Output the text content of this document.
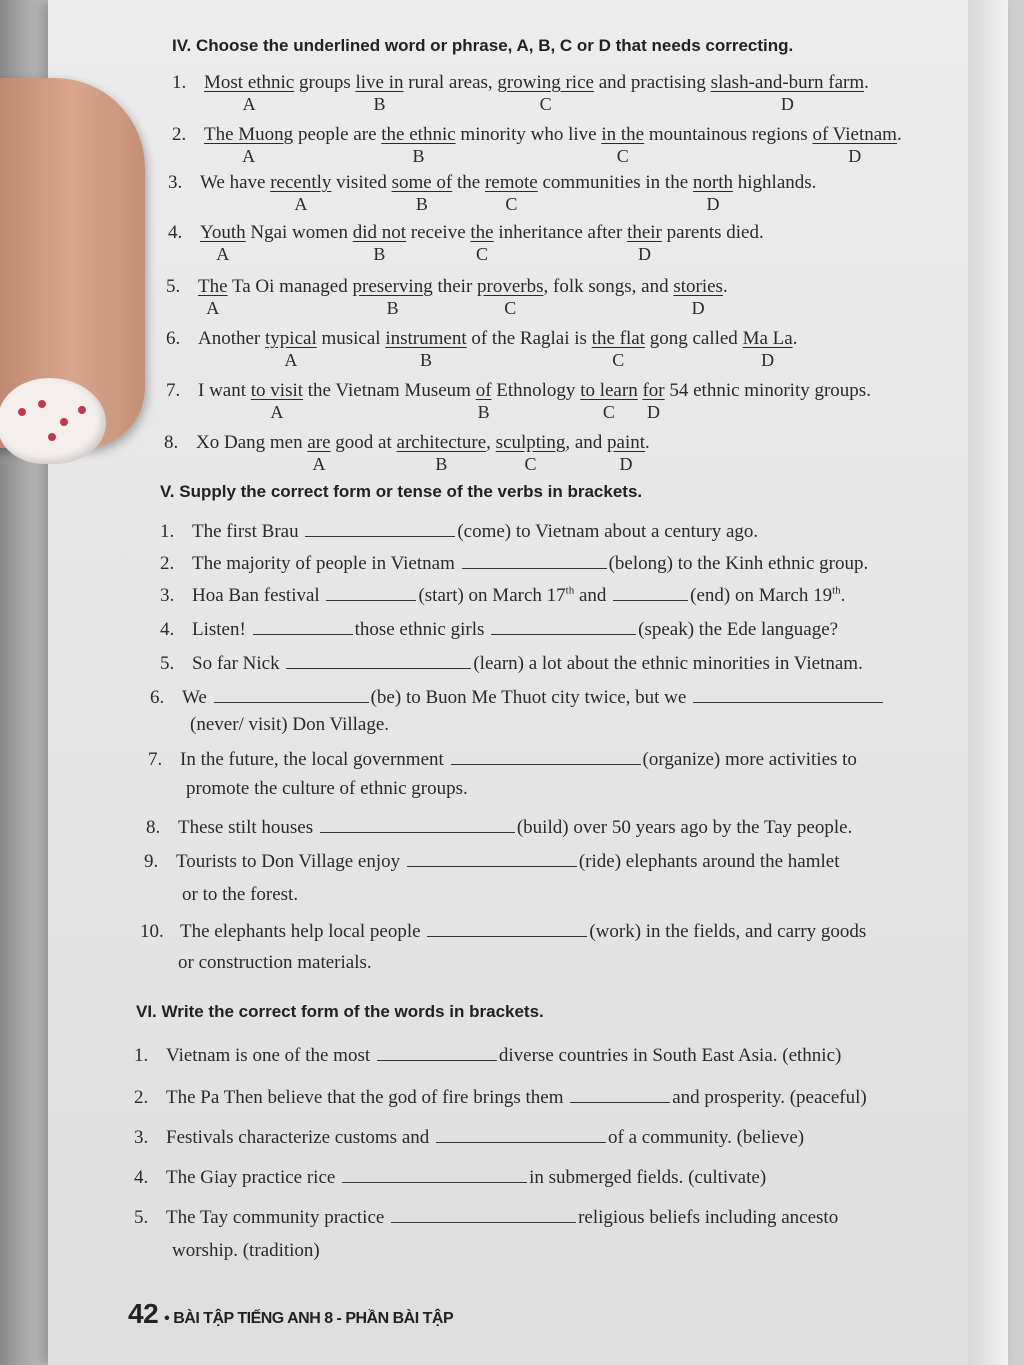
IV. Choose the underlined word or phrase, A, B, C or D that needs correcting.
1. Most ethnic
A
groups live in
B
rural areas, growing rice
C
and practising slash-and-burn farm
D
.
2. The Muong
A
people are the ethnic
B
minority who live in the
C
mountainous regions of Vietnam
D
.
3. We have recently
A
visited some of
B
the remote
C
communities in the north
D
highlands.
4. Youth
A
Ngai women did not
B
receive the
C
inheritance after their
D
parents died.
5. The
A
Ta Oi managed preserving
B
their proverbs
C
, folk songs, and stories
D
.
6. Another typical
A
musical instrument
B
of the Raglai is the flat
C
gong called Ma La
D
.
7. I want to visit
A
the Vietnam Museum of
B
Ethnology to learn
C
for
D
54 ethnic minority groups.
8. Xo Dang men are
A
good at architecture
B
, sculpting
C
, and paint
D
.
V. Supply the correct form or tense of the verbs in brackets.
1. The first Brau	(come) to Vietnam about a century ago.
2. The majority of people in Vietnam	(belong) to the Kinh ethnic group.
3. Hoa Ban festival	(start) on March 17th and	(end) on March 19th.
4. Listen!	those ethnic girls	(speak) the Ede language?
5. So far Nick	(learn) a lot about the ethnic minorities in Vietnam.
6. We	(be) to Buon Me Thuot city twice, but we
(never/ visit) Don Village.
7. In the future, the local government	(organize) more activities to
promote the culture of ethnic groups.
8. These stilt houses	(build) over 50 years ago by the Tay people.
9. Tourists to Don Village enjoy	(ride) elephants around the hamlet
or to the forest.
10. The elephants help local people	(work) in the fields, and carry goods
or construction materials.
VI. Write the correct form of the words in brackets.
1. Vietnam is one of the most	diverse countries in South East Asia. (ethnic)
2. The Pa Then believe that the god of fire brings them	and prosperity. (peaceful)
3. Festivals characterize customs and	of a community. (believe)
4. The Giay practice rice	in submerged fields. (cultivate)
5. The Tay community practice	religious beliefs including ancesto
worship. (tradition)
42 • BÀI TẬP TIẾNG ANH 8 - PHẦN BÀI TẬP
